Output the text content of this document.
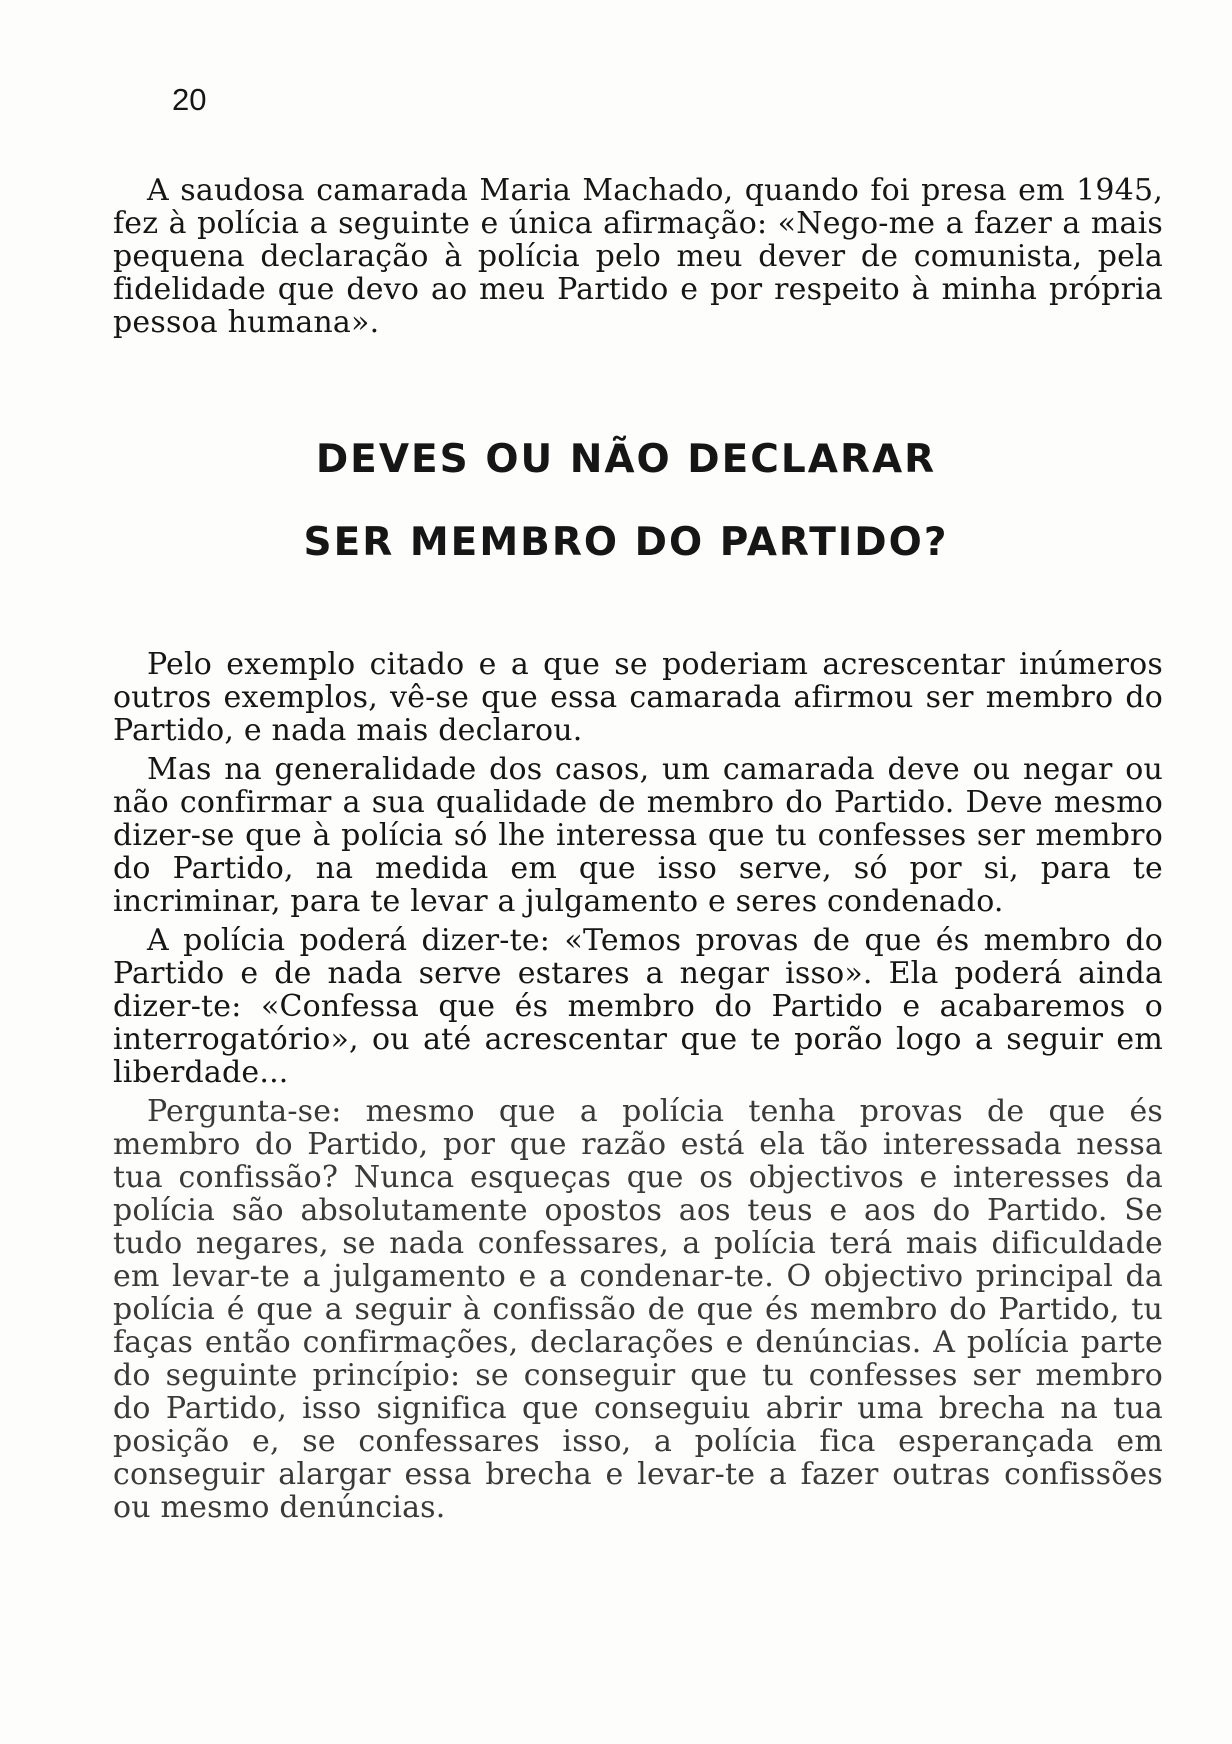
20

A saudosa camarada Maria Machado, quando foi presa em 1945, fez à polícia a seguinte e única afirmação: «Nego-me a fazer a mais pequena declaração à polícia pelo meu dever de comunista, pela fidelidade que devo ao meu Partido e por respeito à minha própria pessoa humana».

DEVES OU NÃO DECLARAR
SER MEMBRO DO PARTIDO?

Pelo exemplo citado e a que se poderiam acrescentar inúmeros outros exemplos, vê-se que essa camarada afirmou ser membro do Partido, e nada mais declarou.

Mas na generalidade dos casos, um camarada deve ou negar ou não confirmar a sua qualidade de membro do Partido. Deve mesmo dizer-se que à polícia só lhe interessa que tu confesses ser membro do Partido, na medida em que isso serve, só por si, para te incriminar, para te levar a julgamento e seres condenado.

A polícia poderá dizer-te: «Temos provas de que és membro do Partido e de nada serve estares a negar isso». Ela poderá ainda dizer-te: «Confessa que és membro do Partido e acabaremos o interrogatório», ou até acrescentar que te porão logo a seguir em liberdade...

Pergunta-se: mesmo que a polícia tenha provas de que és membro do Partido, por que razão está ela tão interessada nessa tua confissão? Nunca esqueças que os objectivos e interesses da polícia são absolutamente opostos aos teus e aos do Partido. Se tudo negares, se nada confessares, a polícia terá mais dificuldade em levar-te a julgamento e a condenar-te. O objectivo principal da polícia é que a seguir à confissão de que és membro do Partido, tu faças então confirmações, declarações e denúncias. A polícia parte do seguinte princípio: se conseguir que tu confesses ser membro do Partido, isso significa que conseguiu abrir uma brecha na tua posição e, se confessares isso, a polícia fica esperançada em conseguir alargar essa brecha e levar-te a fazer outras confissões ou mesmo denúncias.
